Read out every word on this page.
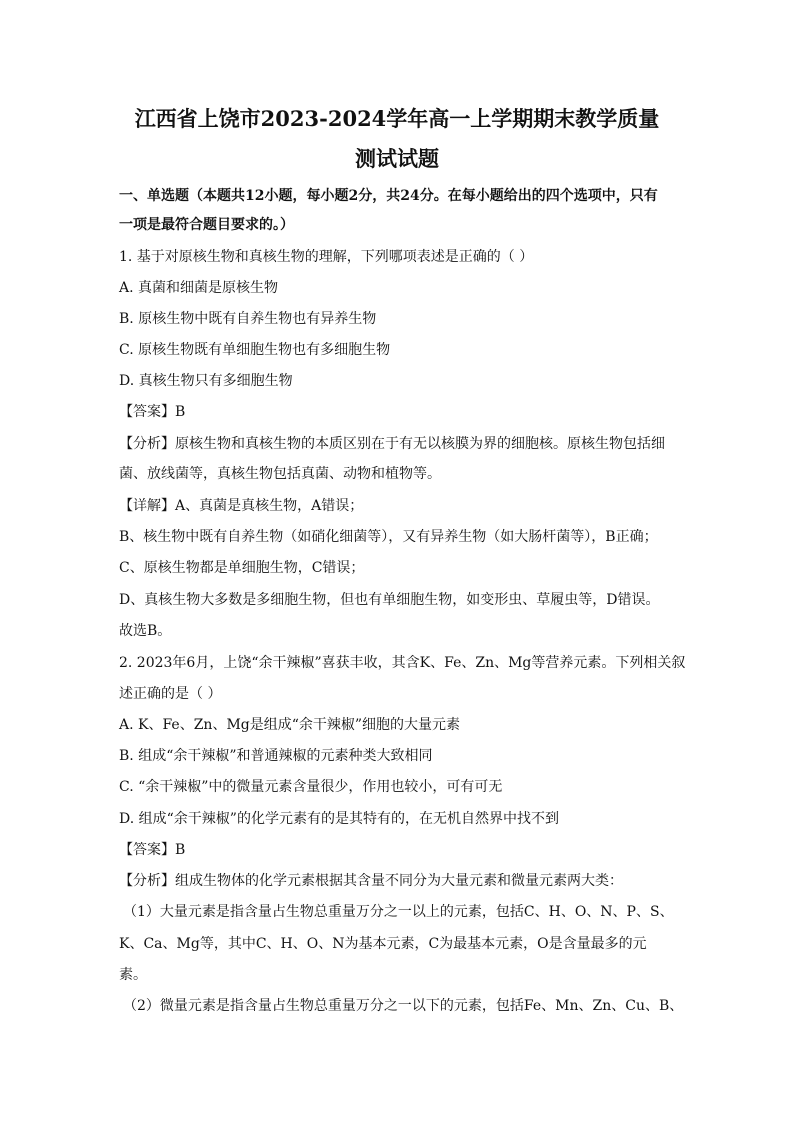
江西省上饶市2023-2024学年高一上学期期末教学质量
测试试题
一、单选题（本题共12小题，每小题2分，共24分。在每小题给出的四个选项中，只有
一项是最符合题目要求的。）
1. 基于对原核生物和真核生物的理解，下列哪项表述是正确的（ ）
A. 真菌和细菌是原核生物
B. 原核生物中既有自养生物也有异养生物
C. 原核生物既有单细胞生物也有多细胞生物
D. 真核生物只有多细胞生物
【答案】B
【分析】原核生物和真核生物的本质区别在于有无以核膜为界的细胞核。原核生物包括细
菌、放线菌等，真核生物包括真菌、动物和植物等。
【详解】A、真菌是真核生物，A错误；
B、核生物中既有自养生物（如硝化细菌等），又有异养生物（如大肠杆菌等），B正确；
C、原核生物都是单细胞生物，C错误；
D、真核生物大多数是多细胞生物，但也有单细胞生物，如变形虫、草履虫等，D错误。
故选B。
2. 2023年6月，上饶“余干辣椒”喜获丰收，其含K、Fe、Zn、Mg等营养元素。下列相关叙
述正确的是（ ）
A. K、Fe、Zn、Mg是组成“余干辣椒”细胞的大量元素
B. 组成“余干辣椒”和普通辣椒的元素种类大致相同
C. “余干辣椒”中的微量元素含量很少，作用也较小，可有可无
D. 组成“余干辣椒”的化学元素有的是其特有的，在无机自然界中找不到
【答案】B
【分析】组成生物体的化学元素根据其含量不同分为大量元素和微量元素两大类：
（1）大量元素是指含量占生物总重量万分之一以上的元素，包括C、H、O、N、P、S、
K、Ca、Mg等，其中C、H、O、N为基本元素，C为最基本元素，O是含量最多的元
素。
（2）微量元素是指含量占生物总重量万分之一以下的元素，包括Fe、Mn、Zn、Cu、B、
